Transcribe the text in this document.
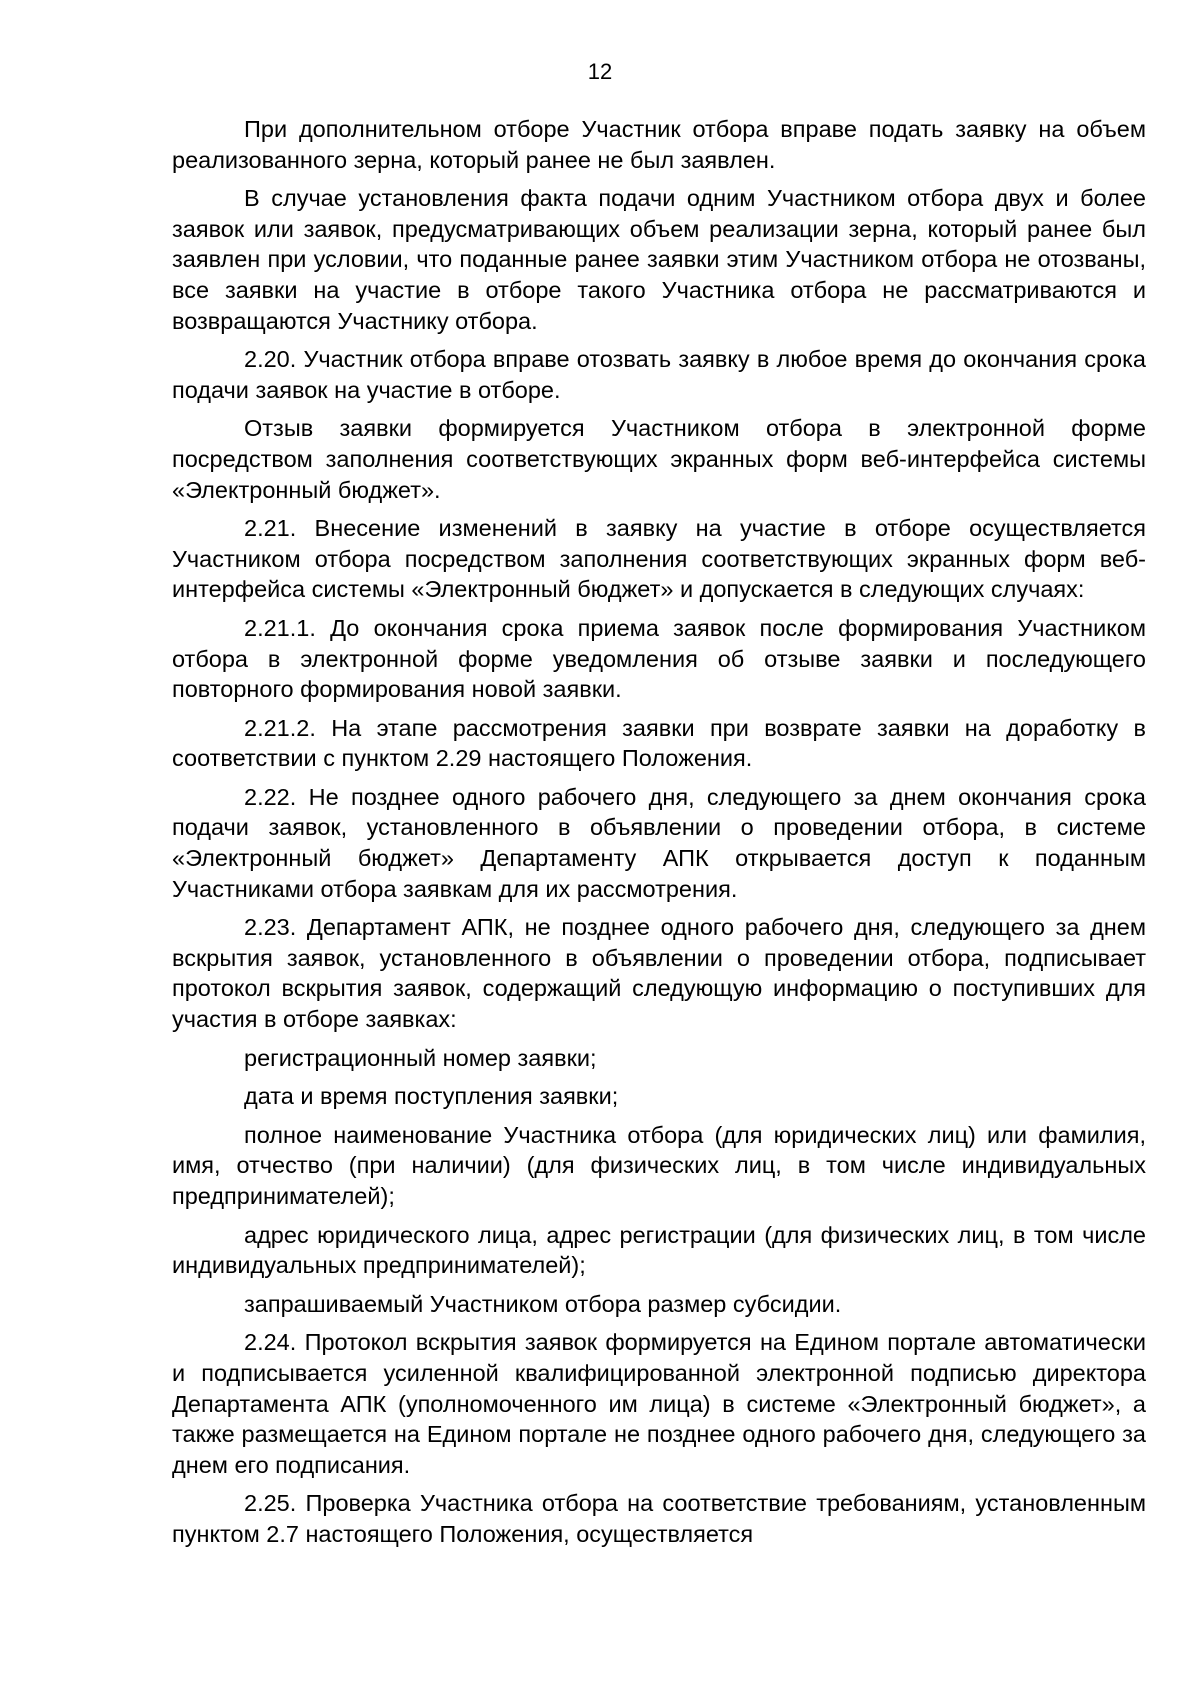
12

При дополнительном отборе Участник отбора вправе подать заявку на объем реализованного зерна, который ранее не был заявлен.

В случае установления факта подачи одним Участником отбора двух и более заявок или заявок, предусматривающих объем реализации зерна, который ранее был заявлен при условии, что поданные ранее заявки этим Участником отбора не отозваны, все заявки на участие в отборе такого Участника отбора не рассматриваются и возвращаются Участнику отбора.

2.20. Участник отбора вправе отозвать заявку в любое время до окончания срока подачи заявок на участие в отборе.

Отзыв заявки формируется Участником отбора в электронной форме посредством заполнения соответствующих экранных форм веб-интерфейса системы «Электронный бюджет».

2.21. Внесение изменений в заявку на участие в отборе осуществляется Участником отбора посредством заполнения соответствующих экранных форм веб-интерфейса системы «Электронный бюджет» и допускается в следующих случаях:

2.21.1. До окончания срока приема заявок после формирования Участником отбора в электронной форме уведомления об отзыве заявки и последующего повторного формирования новой заявки.

2.21.2. На этапе рассмотрения заявки при возврате заявки на доработку в соответствии с пунктом 2.29 настоящего Положения.

2.22. Не позднее одного рабочего дня, следующего за днем окончания срока подачи заявок, установленного в объявлении о проведении отбора, в системе «Электронный бюджет» Департаменту АПК открывается доступ к поданным Участниками отбора заявкам для их рассмотрения.

2.23. Департамент АПК, не позднее одного рабочего дня, следующего за днем вскрытия заявок, установленного в объявлении о проведении отбора, подписывает протокол вскрытия заявок, содержащий следующую информацию о поступивших для участия в отборе заявках:

регистрационный номер заявки;

дата и время поступления заявки;

полное наименование Участника отбора (для юридических лиц) или фамилия, имя, отчество (при наличии) (для физических лиц, в том числе индивидуальных предпринимателей);

адрес юридического лица, адрес регистрации (для физических лиц, в том числе индивидуальных предпринимателей);

запрашиваемый Участником отбора размер субсидии.

2.24. Протокол вскрытия заявок формируется на Едином портале автоматически и подписывается усиленной квалифицированной электронной подписью директора Департамента АПК (уполномоченного им лица) в системе «Электронный бюджет», а также размещается на Едином портале не позднее одного рабочего дня, следующего за днем его подписания.

2.25. Проверка Участника отбора на соответствие требованиям, установленным пунктом 2.7 настоящего Положения, осуществляется
